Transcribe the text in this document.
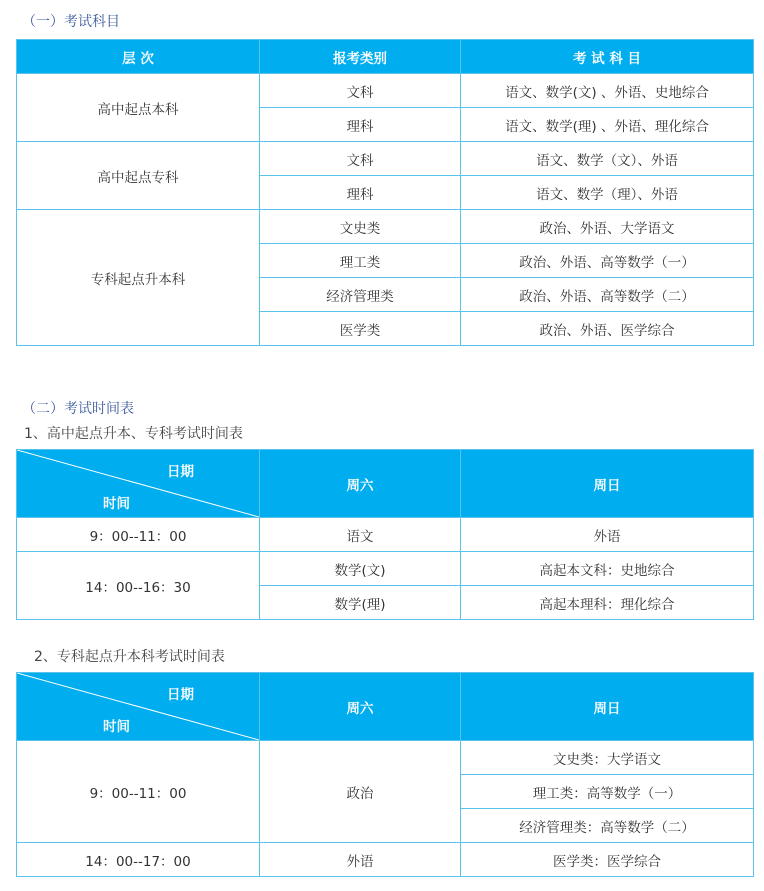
（一）考试科目
层 次	报考类别	考 试 科 目
高中起点本科	文科	语文、数学(文) 、外语、史地综合
	理科	语文、数学(理) 、外语、理化综合
高中起点专科	文科	语文、数学（文）、外语
	理科	语文、数学（理）、外语
专科起点升本科	文史类	政治、外语、大学语文
	理工类	政治、外语、高等数学（一）
	经济管理类	政治、外语、高等数学（二）
	医学类	政治、外语、医学综合
（二）考试时间表
1、高中起点升本、专科考试时间表
日期
时间	周六	周日
9：00--11：00	语文	外语
14：00--16：30	数学(文)	高起本文科：史地综合
	数学(理)	高起本理科：理化综合
2、专科起点升本科考试时间表
日期
时间	周六	周日
9：00--11：00	政治	文史类：大学语文
		理工类：高等数学（一）
		经济管理类：高等数学（二）
14：00--17：00	外语	医学类：医学综合
